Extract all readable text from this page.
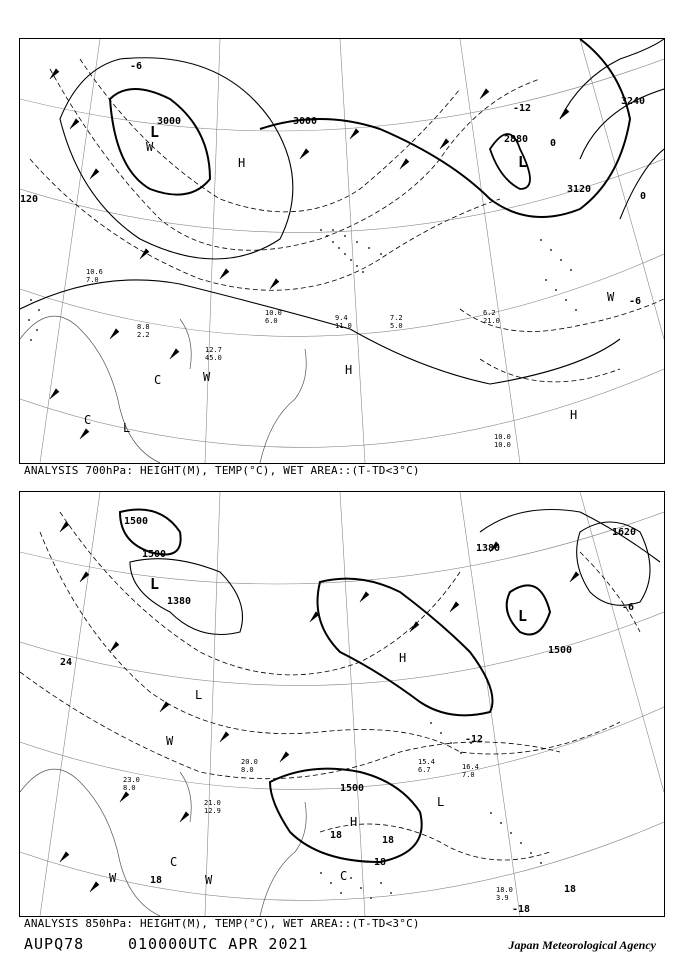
3000	3000
3120
3240
2880
120
-12
0
-6
-6
0
L
L
L
H
H
H
W
W
W
C
C
10.0
10.0
6.2
21.0
12.7
45.0
9.4
11.0
7.2
5.0
8.8
2.2
10.0
6.0
10.6
7.0
ANALYSIS 700hPa: HEIGHT(M), TEMP(°C), WET AREA::(T-TD<3°C)
1500
1500
1380
1500
1500
1620
1380
24
-12
18	18
18
18
-6
-18
18
L
L
L
L
H
H
W
W	W
C
C
15.4
6.7	16.4
7.0
18.0
3.9
20.0
8.0
21.0
12.9
23.0
8.0
ANALYSIS 850hPa: HEIGHT(M), TEMP(°C), WET AREA::(T-TD<3°C)
AUPQ78	010000UTC APR 2021	Japan Meteorological Agency
